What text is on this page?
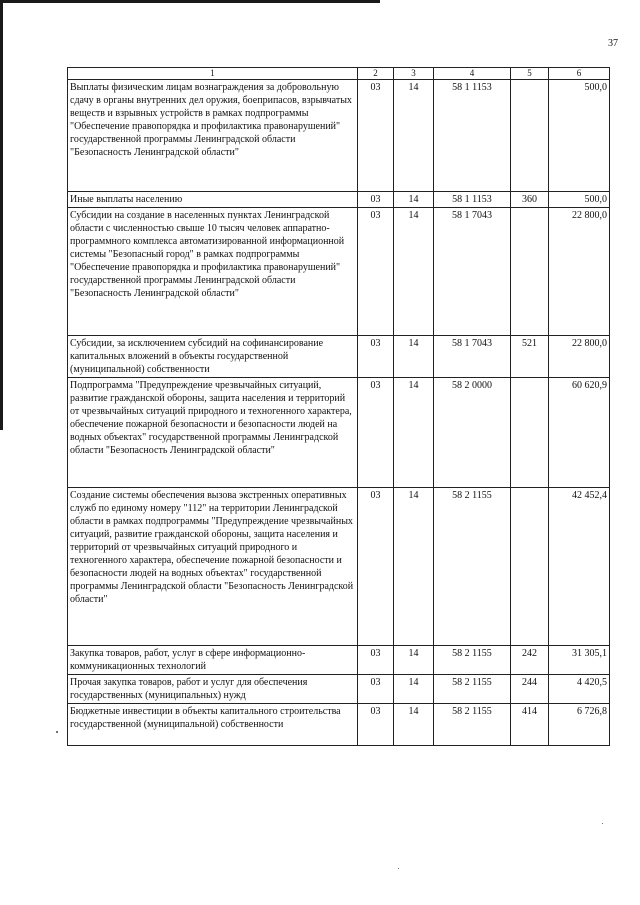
37
1	2	3	4	5	6
Выплаты физическим лицам вознаграждения за добровольную сдачу в органы внутренних дел оружия, боеприпасов, взрывчатых веществ и взрывных устройств в рамках подпрограммы "Обеспечение правопорядка и профилактика правонарушений" государственной программы Ленинградской области "Безопасность Ленинградской области"	03	14	58 1 1153		500,0
Иные выплаты населению	03	14	58 1 1153	360	500,0
Субсидии на создание в населенных пунктах Ленинградской области с численностью свыше 10 тысяч человек аппаратно-программного комплекса автоматизированной информационной системы "Безопасный город" в рамках подпрограммы "Обеспечение правопорядка и профилактика правонарушений" государственной программы Ленинградской области "Безопасность Ленинградской области"	03	14	58 1 7043		22 800,0
Субсидии, за исключением субсидий на софинансирование капитальных вложений в объекты государственной (муниципальной) собственности	03	14	58 1 7043	521	22 800,0
Подпрограмма "Предупреждение чрезвычайных ситуаций, развитие гражданской обороны, защита населения и территорий от чрезвычайных ситуаций природного и техногенного характера, обеспечение пожарной безопасности и безопасности людей на водных объектах" государственной программы Ленинградской области "Безопасность Ленинградской области"	03	14	58 2 0000		60 620,9
Создание системы обеспечения вызова экстренных оперативных служб по единому номеру "112" на территории Ленинградской области в рамках подпрограммы "Предупреждение чрезвычайных ситуаций, развитие гражданской обороны, защита населения и территорий от чрезвычайных ситуаций природного и техногенного характера, обеспечение пожарной безопасности и безопасности людей на водных объектах" государственной программы Ленинградской области "Безопасность Ленинградской области"	03	14	58 2 1155		42 452,4
Закупка товаров, работ, услуг в сфере информационно-коммуникационных технологий	03	14	58 2 1155	242	31 305,1
Прочая закупка товаров, работ и услуг для обеспечения государственных (муниципальных) нужд	03	14	58 2 1155	244	4 420,5
Бюджетные инвестиции в объекты капитального строительства государственной (муниципальной) собственности	03	14	58 2 1155	414	6 726,8
